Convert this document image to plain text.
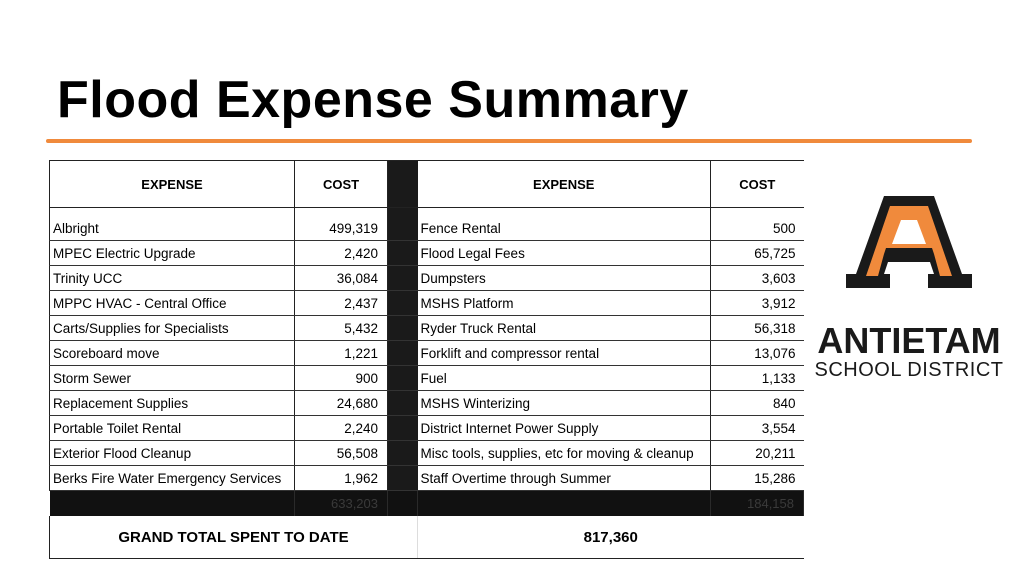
Flood Expense Summary
EXPENSE	COST		EXPENSE	COST

Albright	499,319		Fence Rental	500
MPEC Electric Upgrade	2,420		Flood Legal Fees	65,725
Trinity UCC	36,084		Dumpsters	3,603
MPPC HVAC - Central Office	2,437		MSHS Platform	3,912
Carts/Supplies for Specialists	5,432		Ryder Truck Rental	56,318
Scoreboard move	1,221		Forklift and compressor rental	13,076
Storm Sewer	900		Fuel	1,133
Replacement Supplies	24,680		MSHS Winterizing	840
Portable Toilet Rental	2,240		District Internet Power Supply	3,554
Exterior Flood Cleanup	56,508		Misc tools, supplies, etc for moving & cleanup	20,211
Berks Fire Water Emergency Services	1,962		Staff Overtime through Summer	15,286
	633,203			184,158
GRAND TOTAL SPENT TO DATE			817,360	
ANTIETAM
SCHOOL DISTRICT
